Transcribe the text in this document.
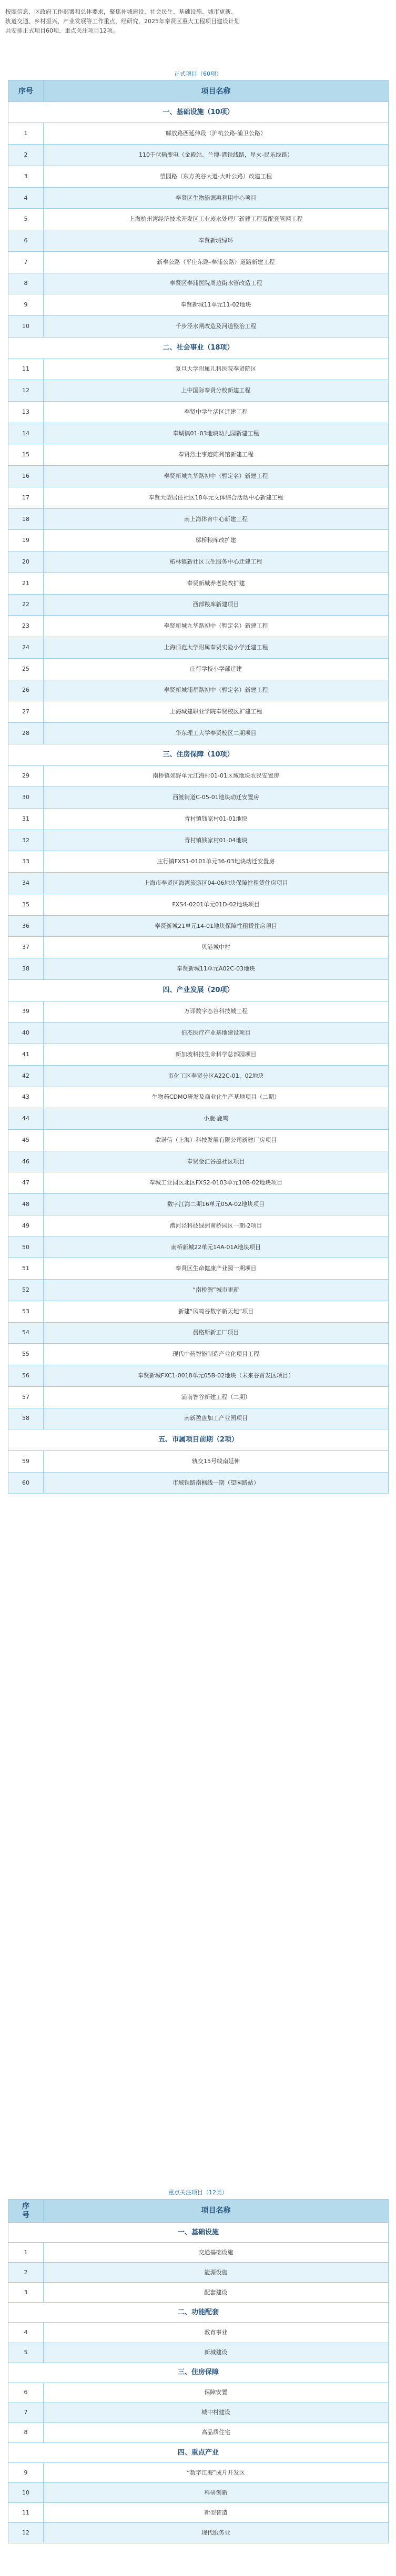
按照信息、区政府工作部署和总体要求，聚焦补城建设、社会民生、基础设施、城市更新、
轨道交通、乡村振兴、产业发展等工作重点，经研究，2025年奉贤区重大工程项目建设计划
共安排正式项目60项、重点关注项目12项。

正式项目（60项）

序号	项目名称
一、基础设施（10项）	
1	解放路西延伸段（沪杭公路-浦卫公路）
2	110千伏输变电（金殿站、兰博-港铁线路，星火-民乐线路）
3	望园路（东方美谷大道-大叶公路）改建工程
4	奉贤区生物能源再利用中心项目
5	上海杭州湾经济技术开发区工业废水处理厂新建工程及配套管网工程
6	奉贤新城绿环
7	新奉公路（平庄东路-奉浦公路）道路新建工程
8	奉贤区奉浦医院周边街水管改造工程
9	奉贤新城11单元11-02地块
10	千步泾水闸改造及河道整治工程
二、社会事业（18项）	
11	复旦大学附属儿科医院奉贤院区
12	上中国际奉贤分校新建工程
13	奉贤中学生活区迁建工程
14	奉城镇01-03地块幼儿园新建工程
15	奉贤烈士事迹陈列馆新建工程
16	奉贤新城九华路初中（暂定名）新建工程
17	奉贤大型居住社区18单元文体综合活动中心新建工程
18	南上海体育中心新建工程
19	邬桥粮库改扩建
20	柘林镇新社区卫生服务中心迁建工程
21	奉贤新城养老院改扩建
22	西部粮库新建项目
23	奉贤新城九华路初中（暂定名）新建工程
24	上海师范大学附属奉贤实验小学迁建工程
25	庄行学校小学部迁建
26	奉贤新城浦星路初中（暂定名）新建工程
27	上海城建职业学院奉贤校区扩建工程
28	华东理工大学奉贤校区二期项目
三、住房保障（10项）	
29	南桥镇郊野单元江海村01-01区域地块农民安置房
30	西渡街道C-05-01地块动迁安置房
31	青村镇钱家村01-01地块
32	青村镇钱家村01-04地块
33	庄行镇FXS1-0101单元36-03地块动迁安置房
34	上海市奉贤区海湾旅游区04-06地块保障性租赁住房项目
35	FXS4-0201单元01D-02地块项目
36	奉贤新城21单元14-01地块保障性租赁住房项目
37	贝港城中村
38	奉贤新城11单元A02C-03地块
四、产业发展（20项）	
39	万译数字态谷科技城工程
40	伯杰医疗产业基地建设项目
41	新加坡科技生命科学总部园项目
42	市化工区奉贤分区A22C-01、02地块
43	生物药CDMO研发及商业化生产基地项目（二期）
44	小鹿·鹿鸣
45	欧诺信（上海）科技发展有限公司新建厂房项目
46	奉贤金汇谷墨社区项目
47	奉城工业园区北区FXS2-0103单元10B-02地块项目
48	数字江海二期16单元05A-02地块项目
49	漕河泾科技绿洲南桥园区一期-2项目
50	南桥新城22单元14A-01A地块项目
51	奉贤区生命健康产业园一期项目
52	“南桥源”城市更新
53	新建“风鸣谷数字新天地”项目
54	晨格斯新工厂项目
55	现代中药智能制造产业化项目工程
56	奉贤新城FXC1-0018单元05B-02地块（未来谷首发区项目）
57	浦南智谷新建工程（二期）
58	南新盈盘加工产业园项目
五、市属项目前期（2项）	
59	轨交15号线南延伸
60	市域铁路南枫线一期（望园路站）

重点关注项目（12类）

序
号	项目名称
一、基础设施	
1	交通基础设施
2	能源设施
3	配套建设
二、功能配套	
4	教育事业
5	新城建设
三、住房保障	
6	保障安置
7	城中村建设
8	高品质住宅
四、重点产业	
9	“数字江海”成片开发区
10	科研创新
11	新型智造
12	现代服务业
